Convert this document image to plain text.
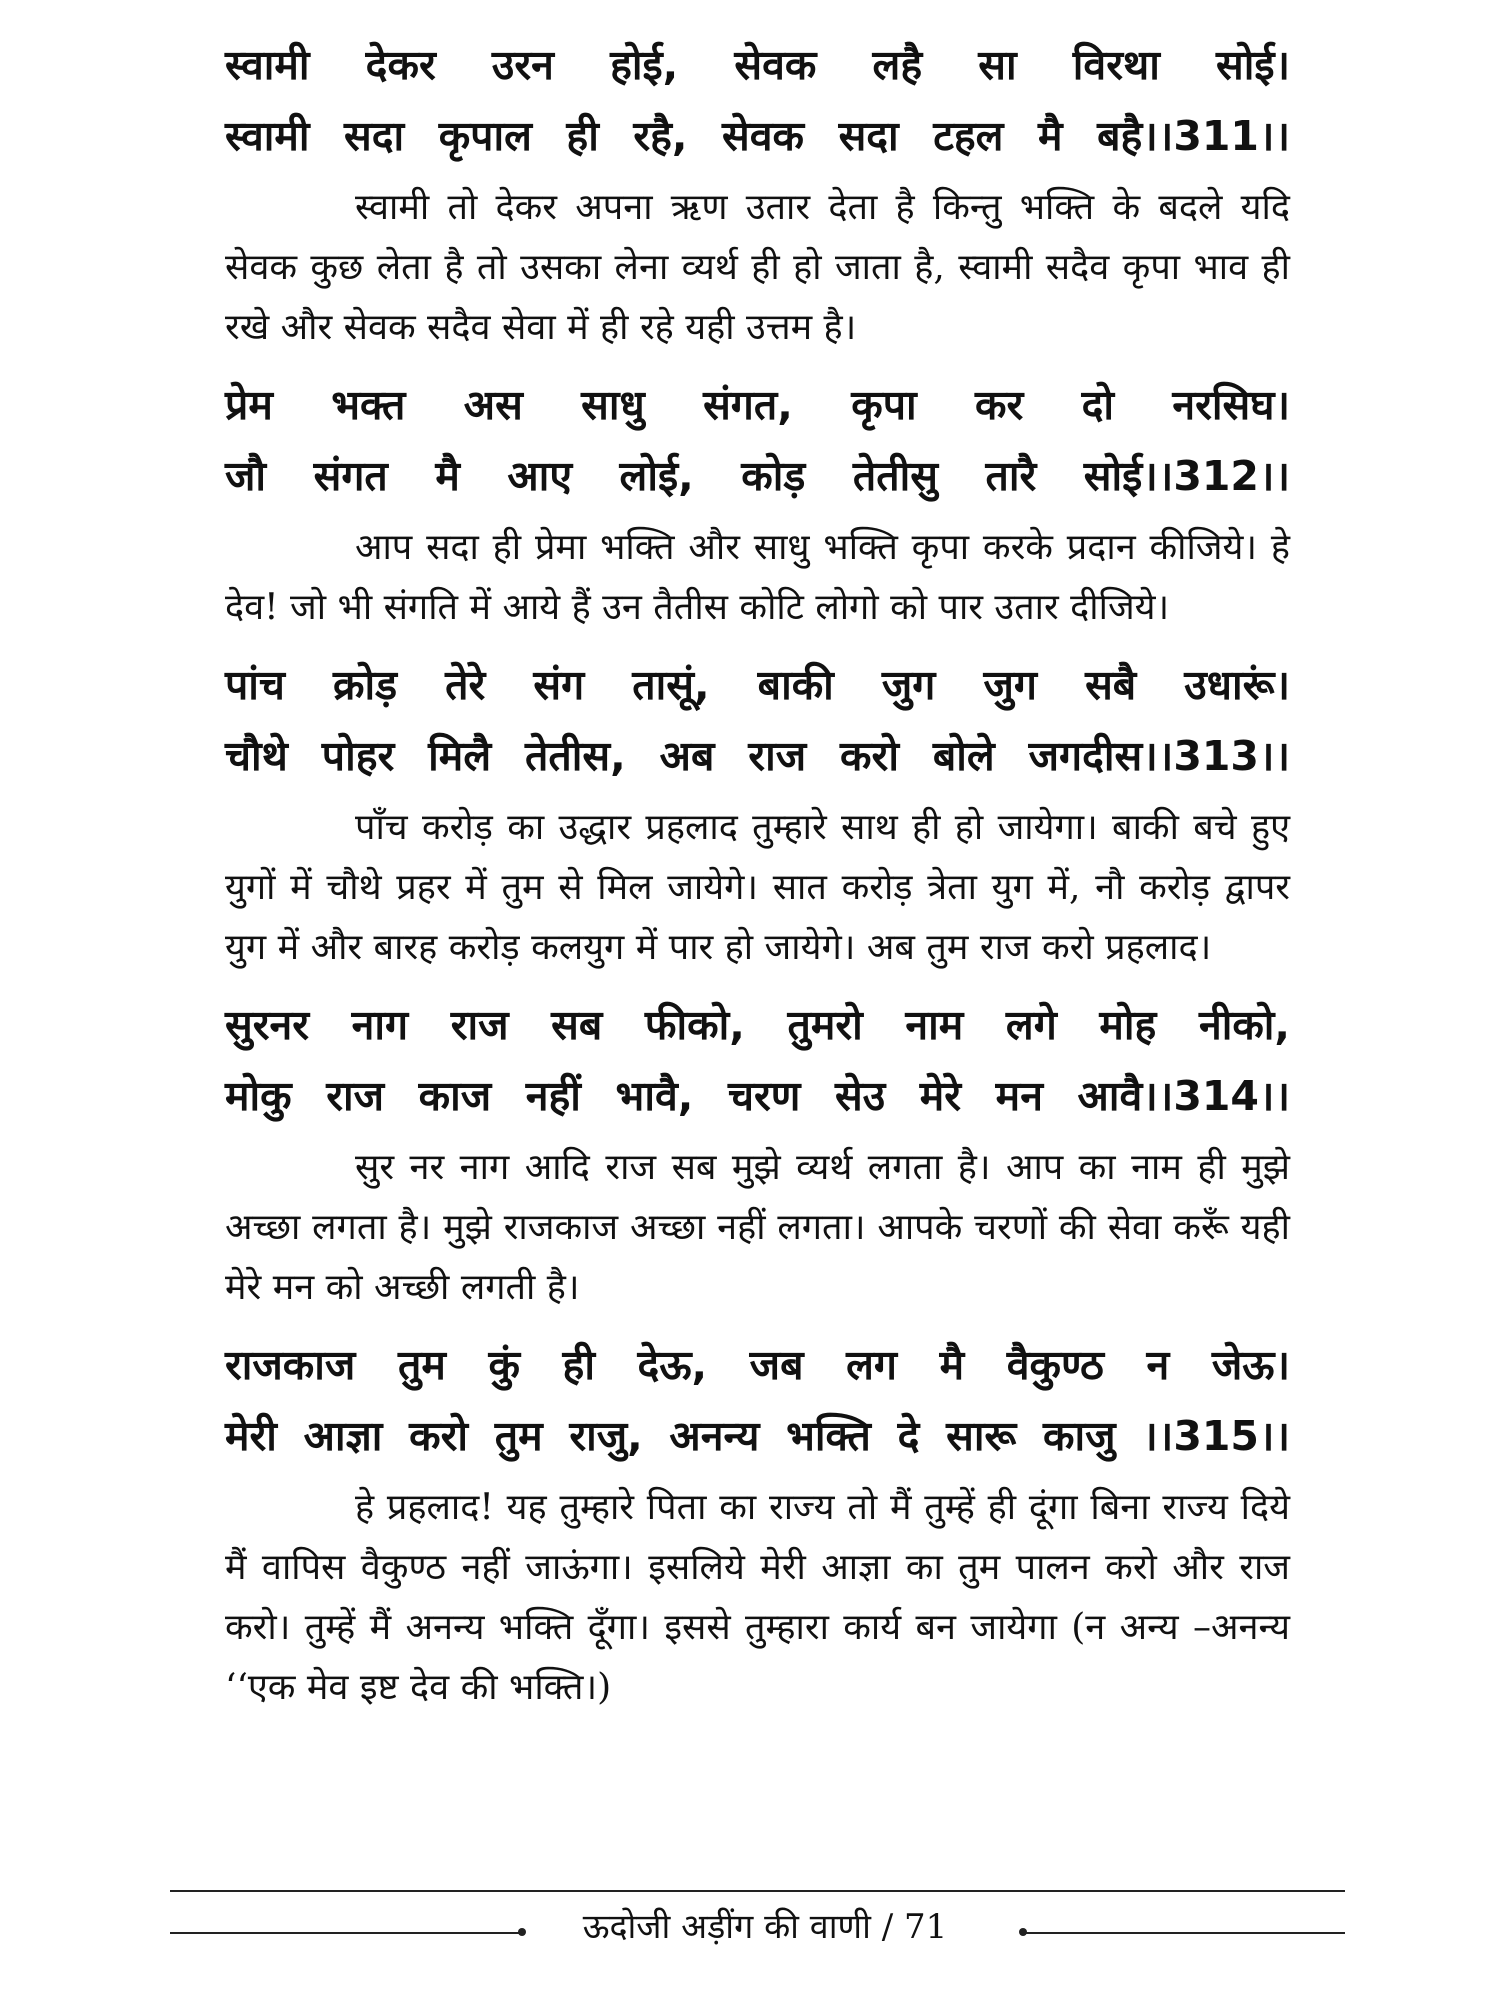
स्वामी देकर उरन होई, सेवक लहै सा विरथा सोई।
स्वामी सदा कृपाल ही रहै, सेवक सदा टहल मै बहै।।311।।

स्वामी तो देकर अपना ऋण उतार देता है किन्तु भक्ति के बदले यदि सेवक कुछ लेता है तो उसका लेना व्यर्थ ही हो जाता है, स्वामी सदैव कृपा भाव ही रखे और सेवक सदैव सेवा में ही रहे यही उत्तम है।

प्रेम भक्त अस साधु संगत, कृपा कर दो नरसिघ।
जौ संगत मै आए लोई, कोड़ तेतीसु तारै सोई।।312।।

आप सदा ही प्रेमा भक्ति और साधु भक्ति कृपा करके प्रदान कीजिये। हे देव! जो भी संगति में आये हैं उन तैतीस कोटि लोगो को पार उतार दीजिये।

पांच क्रोड़ तेरे संग तासूं, बाकी जुग जुग सबै उधारूं।
चौथे पोहर मिलै तेतीस, अब राज करो बोले जगदीस।।313।।

पाँच करोड़ का उद्धार प्रहलाद तुम्हारे साथ ही हो जायेगा। बाकी बचे हुए युगों में चौथे प्रहर में तुम से मिल जायेगे। सात करोड़ त्रेता युग में, नौ करोड़ द्वापर युग में और बारह करोड़ कलयुग में पार हो जायेगे। अब तुम राज करो प्रहलाद।

सुरनर नाग राज सब फीको, तुमरो नाम लगे मोह नीको,
मोकु राज काज नहीं भावै, चरण सेउ मेरे मन आवै।।314।।

सुर नर नाग आदि राज सब मुझे व्यर्थ लगता है। आप का नाम ही मुझे अच्छा लगता है। मुझे राजकाज अच्छा नहीं लगता। आपके चरणों की सेवा करूँ यही मेरे मन को अच्छी लगती है।

राजकाज तुम कुं ही देऊ, जब लग मै वैकुण्ठ न जेऊ।
मेरी आज्ञा करो तुम राजु, अनन्य भक्ति दे सारू काजु ।।315।।

हे प्रहलाद! यह तुम्हारे पिता का राज्य तो मैं तुम्हें ही दूंगा बिना राज्य दिये मैं वापिस वैकुण्ठ नहीं जाऊंगा। इसलिये मेरी आज्ञा का तुम पालन करो और राज करो। तुम्हें मैं अनन्य भक्ति दूँगा। इससे तुम्हारा कार्य बन जायेगा (न अन्य –अनन्य ‘‘एक मेव इष्ट देव की भक्ति।)

ऊदोजी अड़ींग की वाणी / 71
